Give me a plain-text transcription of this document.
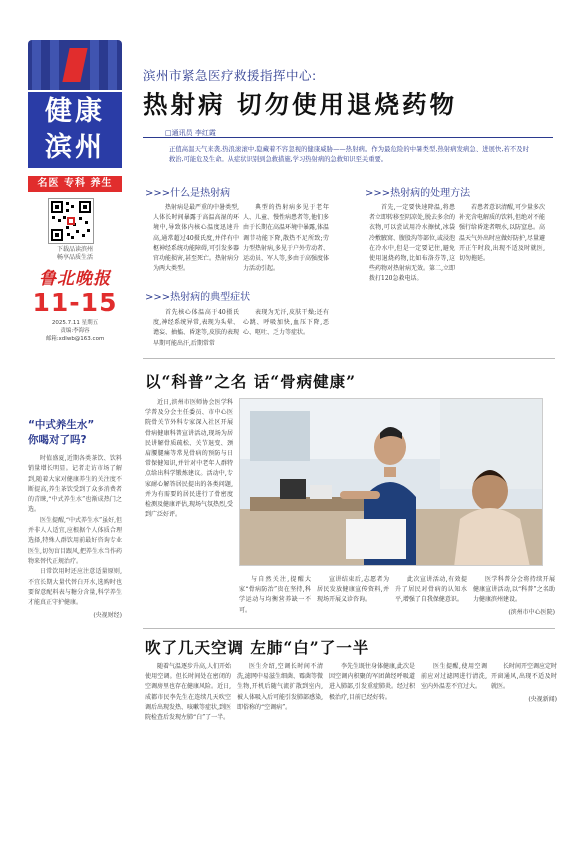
健康
滨州
名医 专科 养生
下载品读滨州
畅享品质生活
鲁北晚报
11-15
2025.7.11 星期五
责编:李海容
邮箱:xdlwb@163.com
“中式养生水”
你喝对了吗?

时值盛夏,近期各类茶饮、饮料销量增长明显。记者走访市场了解到,随着大家对健康养生的关注度不断提高,养生茶饮受到了众多消费者的青睐,“中式养生水”也渐成热门之选。

医生提醒,“中式养生水”虽好,但并非人人适宜,应根据个人体质合理选择,特殊人群饮用前最好咨询专业医生,切勿盲目跟风,把养生水当作药物来替代正规治疗。

日常饮用时还应注意适量原则,不宜长期大量代替白开水,选购时也要留意配料表与糖分含量,科学养生才能真正守护健康。

(央视财经)
滨州市紧急医疗救援指挥中心:
热射病 切勿使用退烧药物
□通讯员 李红霞
正值高温天气来袭,热浪滚滚中,隐藏着不容忽视的健康威胁——热射病。作为最危险的中暑类型,热射病发病急、进展快,若不及时救治,可能危及生命。从症状识别到急救措施,学习热射病的急救知识至关重要。
>>>什么是热射病

热射病是最严重的中暑类型,人体长时间暴露于高温高湿的环境中,导致体内核心温度迅速升高,通常超过40摄氏度,并伴有中枢神经系统功能障碍,可引发多器官功能损害,甚至死亡。热射病分为两大类型。

典型的热射病多见于老年人、儿童、慢性病患者等,他们多由于长期在高温环境中暴露,体温调节功能下降,散热不足所致;劳力型热射病,多见于户外劳动者、运动员、军人等,多由于高强度体力活动引起。

>>>热射病的典型症状

首先核心体温高于40摄氏度,神经系统异常,表现为头晕、谵妄、抽搐、昏迷等,皮肤的表现早期可能出汗,后期常常

表现为无汗,皮肤干燥;还有心跳、呼吸加快,血压下降,恶心、呕吐、乏力等症状。

>>>热射病的处理方法

首先,一定要快速降温,将患者立即转移至阴凉处,脱去多余的衣物,可以尝试用冷水擦拭,冰袋冷敷腋窝、腹股沟等部位,或浸泡在冷水中,但是一定要记住,避免使用退烧药物,比如布洛芬等,这些药物对热射病无效。第二,立即拨打120急救电话。

若患者意识清醒,可少量多次补充含电解质的饮料,但绝对不能强行给昏迷者喂水,以防窒息。高温天气外出时应做好防护,尽量避开正午时段,出现不适及时就医,切勿拖延。

以“科普”之名 话“骨病健康”

近日,滨州市医师协会医学科学普及分会主任委员、市中心医院骨关节外科专家深入社区开展骨病健康科普宣讲活动,现场为居民讲解骨质疏松、关节退变、颈肩腰腿痛等常见骨病的预防与日常保健知识,并针对中老年人群特点给出科学锻炼建议。活动中,专家耐心解答居民提出的各类问题,并为有需要的居民进行了骨密度检测及健康评估,现场气氛热烈,受到广泛好评。

与自然关注,提醒大家“骨病防治”贵在坚持,科学运动与均衡营养缺一不可。

宣讲结束后,志愿者为居民发放健康宣传资料,并现场开展义诊咨询。

此次宣讲活动,有效提升了居民对骨病的认知水平,增强了自我保健意识。

医学科普分会将持续开展健康宣讲活动,以“科普”之名助力健康滨州建设。

(滨州市中心医院)
吹了几天空调 左肺“白”了一半

随着气温逐步升高,人们开始使用空调。但长时间处在密闭的空调房里也存在健康风险。近日,成都市民李先生在连续几天吹空调后出现发热、咳嗽等症状,到医院检查后发现左肺“白”了一半。

医生介绍,空调长时间不清洗,滤网中易滋生细菌、霉菌等微生物,开机后随气流扩散到室内,被人体吸入后可能引发肺部感染,即俗称的“空调病”。

李先生既往身体健康,此次是因空调内积聚的军团菌经呼吸道进入肺部,引发重症肺炎。经过积极治疗,目前已经好转。

医生提醒,使用空调前应对过滤网进行清洗,室内外温差不宜过大。

长时间开空调应定时开窗通风,出现不适及时就医。

(央视新闻)
